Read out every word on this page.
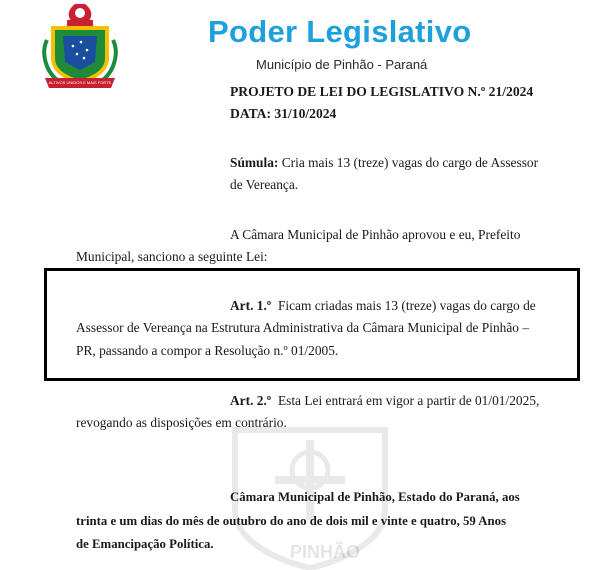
ALTIVOS UNIDOS E MAIS FORTE
Poder Legislativo
Município de Pinhão - Paraná
PROJETO DE LEI DO LEGISLATIVO N.º 21/2024
DATA: 31/10/2024
Súmula: Cria mais 13 (treze) vagas do cargo de Assessor
de Vereança.
A Câmara Municipal de Pinhão aprovou e eu, Prefeito
Municipal, sanciono a seguinte Lei:
Art. 1.º Ficam criadas mais 13 (treze) vagas do cargo de
Assessor de Vereança na Estrutura Administrativa da Câmara Municipal de Pinhão –
PR, passando a compor a Resolução n.º 01/2005.
PINHÃO
Art. 2.º Esta Lei entrará em vigor a partir de 01/01/2025,
revogando as disposições em contrário.
Câmara Municipal de Pinhão, Estado do Paraná, aos
trinta e um dias do mês de outubro do ano de dois mil e vinte e quatro, 59 Anos
de Emancipação Política.
